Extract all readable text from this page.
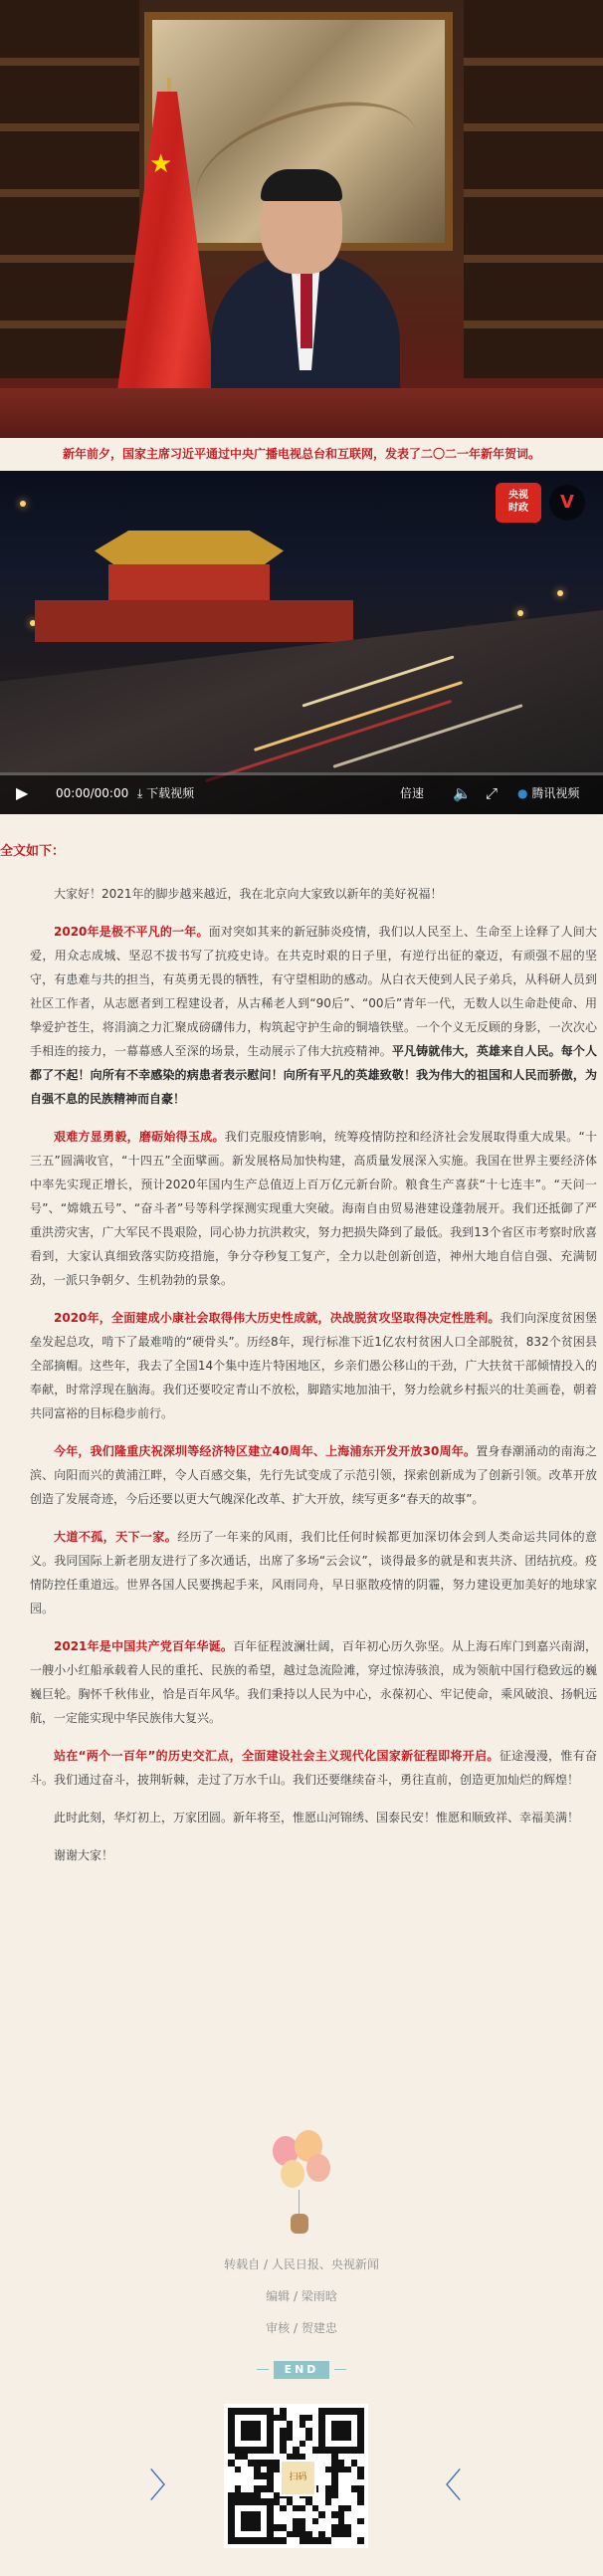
★
新年前夕，国家主席习近平通过中央广播电视总台和互联网，发表了二〇二一年新年贺词。
央视
时政	V
▶ 00:00/00:00 ⤓ 下载视频	倍速 🔈 ⤢ ● 腾讯视频
全文如下：

大家好！2021年的脚步越来越近，我在北京向大家致以新年的美好祝福！

2020年是极不平凡的一年。面对突如其来的新冠肺炎疫情，我们以人民至上、生命至上诠释了人间大爱，用众志成城、坚忍不拔书写了抗疫史诗。在共克时艰的日子里，有逆行出征的豪迈，有顽强不屈的坚守，有患难与共的担当，有英勇无畏的牺牲，有守望相助的感动。从白衣天使到人民子弟兵，从科研人员到社区工作者，从志愿者到工程建设者，从古稀老人到“90后”、“00后”青年一代，无数人以生命赴使命、用挚爱护苍生，将涓滴之力汇聚成磅礴伟力，构筑起守护生命的铜墙铁壁。一个个义无反顾的身影，一次次心手相连的接力，一幕幕感人至深的场景，生动展示了伟大抗疫精神。平凡铸就伟大，英雄来自人民。每个人都了不起！向所有不幸感染的病患者表示慰问！向所有平凡的英雄致敬！我为伟大的祖国和人民而骄傲，为自强不息的民族精神而自豪！

艰难方显勇毅，磨砺始得玉成。我们克服疫情影响，统筹疫情防控和经济社会发展取得重大成果。“十三五”圆满收官，“十四五”全面擘画。新发展格局加快构建，高质量发展深入实施。我国在世界主要经济体中率先实现正增长，预计2020年国内生产总值迈上百万亿元新台阶。粮食生产喜获“十七连丰”。“天问一号”、“嫦娥五号”、“奋斗者”号等科学探测实现重大突破。海南自由贸易港建设蓬勃展开。我们还抵御了严重洪涝灾害，广大军民不畏艰险，同心协力抗洪救灾，努力把损失降到了最低。我到13个省区市考察时欣喜看到，大家认真细致落实防疫措施，争分夺秒复工复产，全力以赴创新创造，神州大地自信自强、充满韧劲，一派只争朝夕、生机勃勃的景象。

2020年，全面建成小康社会取得伟大历史性成就，决战脱贫攻坚取得决定性胜利。我们向深度贫困堡垒发起总攻，啃下了最难啃的“硬骨头”。历经8年，现行标准下近1亿农村贫困人口全部脱贫，832个贫困县全部摘帽。这些年，我去了全国14个集中连片特困地区，乡亲们愚公移山的干劲，广大扶贫干部倾情投入的奉献，时常浮现在脑海。我们还要咬定青山不放松，脚踏实地加油干，努力绘就乡村振兴的壮美画卷，朝着共同富裕的目标稳步前行。

今年，我们隆重庆祝深圳等经济特区建立40周年、上海浦东开发开放30周年。置身春潮涌动的南海之滨、向阳而兴的黄浦江畔，令人百感交集，先行先试变成了示范引领，探索创新成为了创新引领。改革开放创造了发展奇迹，今后还要以更大气魄深化改革、扩大开放，续写更多“春天的故事”。

大道不孤，天下一家。经历了一年来的风雨，我们比任何时候都更加深切体会到人类命运共同体的意义。我同国际上新老朋友进行了多次通话，出席了多场“云会议”，谈得最多的就是和衷共济、团结抗疫。疫情防控任重道远。世界各国人民要携起手来，风雨同舟，早日驱散疫情的阴霾，努力建设更加美好的地球家园。

2021年是中国共产党百年华诞。百年征程波澜壮阔，百年初心历久弥坚。从上海石库门到嘉兴南湖，一艘小小红船承载着人民的重托、民族的希望，越过急流险滩，穿过惊涛骇浪，成为领航中国行稳致远的巍巍巨轮。胸怀千秋伟业，恰是百年风华。我们秉持以人民为中心，永葆初心、牢记使命，乘风破浪、扬帆远航，一定能实现中华民族伟大复兴。

站在“两个一百年”的历史交汇点，全面建设社会主义现代化国家新征程即将开启。征途漫漫，惟有奋斗。我们通过奋斗，披荆斩棘，走过了万水千山。我们还要继续奋斗，勇往直前，创造更加灿烂的辉煌！

此时此刻，华灯初上，万家团圆。新年将至，惟愿山河锦绣、国泰民安！惟愿和顺致祥、幸福美满！

谢谢大家！

转载自 / 人民日报、央视新闻
编辑 / 梁雨晗
审核 / 贺建忠
END
〉	扫码	〈
